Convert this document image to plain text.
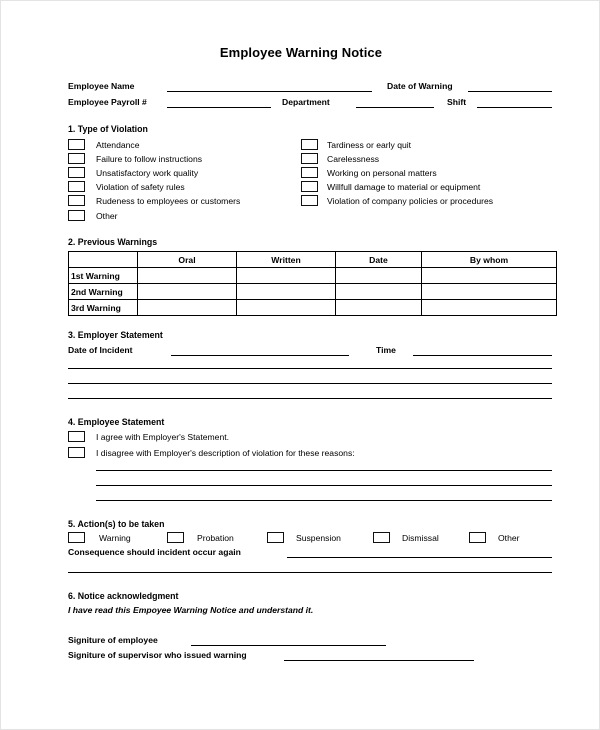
Employee Warning Notice
Employee Name	Date of Warning
Employee Payroll #	Department	Shift
1. Type of Violation
Attendance
Failure to follow instructions
Unsatisfactory work quality
Violation of safety rules
Rudeness to employees or customers
Other
Tardiness or early quit
Carelessness
Working on personal matters
Willfull damage to material or equipment
Violation of company policies or procedures
2. Previous Warnings
	Oral	Written	Date	By whom
1st Warning				
2nd Warning				
3rd Warning				
3. Employer Statement
Date of Incident	Time
4. Employee Statement
I agree with Employer's Statement.
I disagree with Employer's description of violation for these reasons:
5. Action(s) to be taken
Warning	Probation	Suspension	Dismissal	Other
Consequence should incident occur again
6. Notice acknowledgment
I have read this Empoyee Warning Notice and understand it.
Signiture of employee
Signiture of supervisor who issued warning
